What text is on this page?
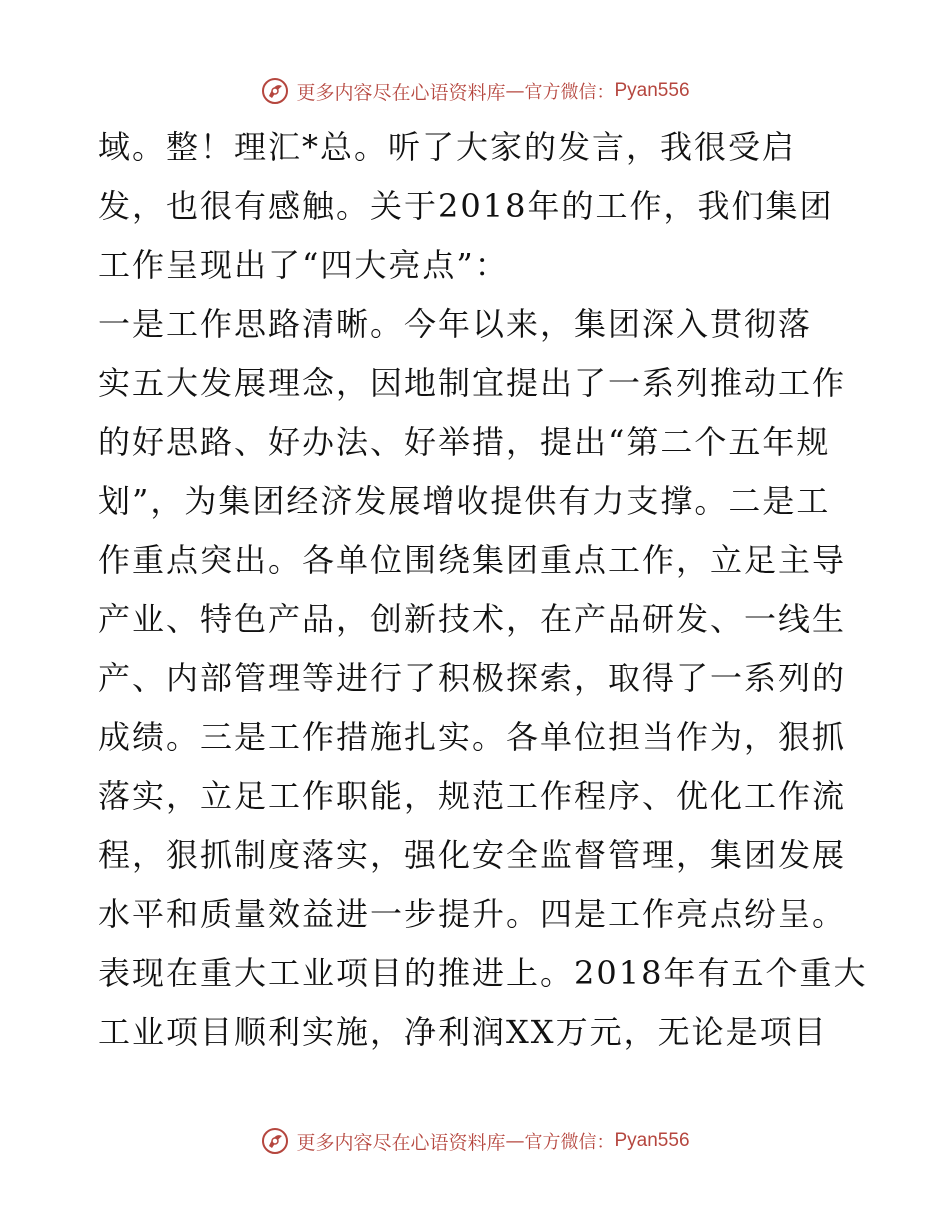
更多内容尽在心语资料库 — 官方微信： Pyan556
域。整！理汇*总。听了大家的发言，我很受启
发，也很有感触。关于2018年的工作，我们集团
工作呈现出了“四大亮点”：
一是工作思路清晰。今年以来，集团深入贯彻落
实五大发展理念，因地制宜提出了一系列推动工作
的好思路、好办法、好举措，提出“第二个五年规
划”，为集团经济发展增收提供有力支撑。二是工
作重点突出。各单位围绕集团重点工作，立足主导
产业、特色产品，创新技术，在产品研发、一线生
产、内部管理等进行了积极探索，取得了一系列的
成绩。三是工作措施扎实。各单位担当作为，狠抓
落实，立足工作职能，规范工作程序、优化工作流
程，狠抓制度落实，强化安全监督管理，集团发展
水平和质量效益进一步提升。四是工作亮点纷呈。
表现在重大工业项目的推进上。2018年有五个重大
工业项目顺利实施，净利润XX万元，无论是项目
更多内容尽在心语资料库 — 官方微信： Pyan556
